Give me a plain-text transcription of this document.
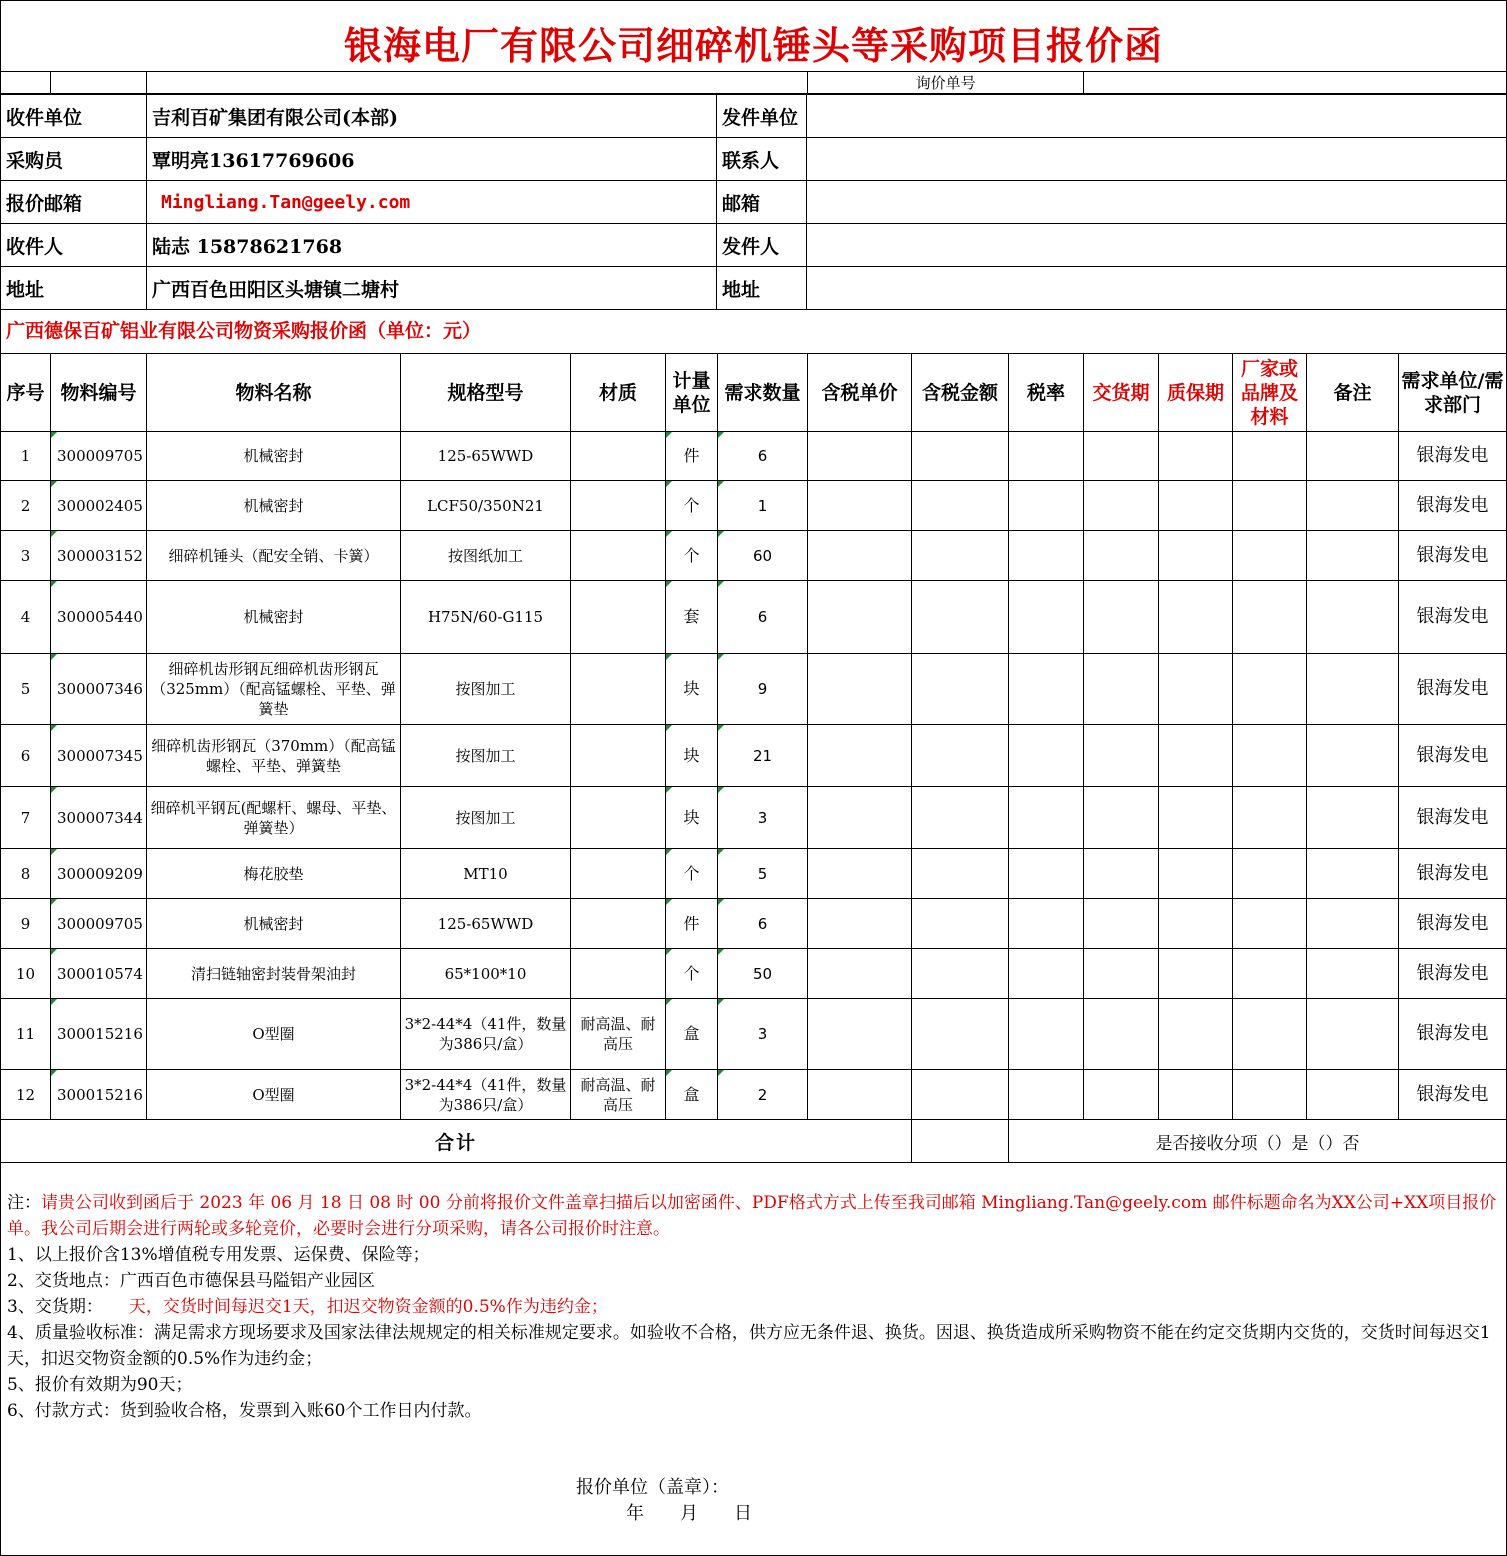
银海电厂有限公司细碎机锤头等采购项目报价函
			询价单号	
收件单位	吉利百矿集团有限公司(本部)	发件单位	
采购员	覃明亮13617769606	联系人	
报价邮箱	Mingliang.Tan@geely.com	邮箱	
收件人	陆志 15878621768	发件人	
地址	广西百色田阳区头塘镇二塘村	地址	
广西德保百矿铝业有限公司物资采购报价函（单位：元）
序号	物料编号	物料名称	规格型号	材质	计量单位	需求数量	含税单价	含税金额	税率	交货期	质保期	厂家或品牌及材料	备注	需求单位/需求部门
1	300009705	机械密封	125-65WWD		件	6								银海发电
2	300002405	机械密封	LCF50/350N21		个	1								银海发电
3	300003152	细碎机锤头（配安全销、卡簧）	按图纸加工		个	60								银海发电
4	300005440	机械密封	H75N/60-G115		套	6								银海发电
5	300007346	细碎机齿形钢瓦细碎机齿形钢瓦（325mm）（配高锰螺栓、平垫、弹簧垫	按图加工		块	9								银海发电
6	300007345	细碎机齿形钢瓦（370mm）（配高锰螺栓、平垫、弹簧垫	按图加工		块	21								银海发电
7	300007344	细碎机平钢瓦(配螺杆、螺母、平垫、弹簧垫）	按图加工		块	3								银海发电
8	300009209	梅花胶垫	MT10		个	5								银海发电
9	300009705	机械密封	125-65WWD		件	6								银海发电
10	300010574	清扫链轴密封装骨架油封	65*100*10		个	50								银海发电
11	300015216	O型圈	3*2-44*4（41件，数量为386只/盒）	耐高温、耐高压	盒	3								银海发电
12	300015216	O型圈	3*2-44*4（41件，数量为386只/盒）	耐高温、耐高压	盒	2								银海发电
合计									是否接收分项（）是（）否					
注：请贵公司收到函后于 2023 年 06 月 18 日 08 时 00 分前将报价文件盖章扫描后以加密函件、PDF格式方式上传至我司邮箱 Mingliang.Tan@geely.com 邮件标题命名为XX公司+XX项目报价单。我公司后期会进行两轮或多轮竞价，必要时会进行分项采购，请各公司报价时注意。
1、以上报价含13%增值税专用发票、运保费、保险等；
2、交货地点：广西百色市德保县马隘铝产业园区
3、交货期： 天，交货时间每迟交1天，扣迟交物资金额的0.5%作为违约金；
4、质量验收标准：满足需求方现场要求及国家法律法规规定的相关标准规定要求。如验收不合格，供方应无条件退、换货。因退、换货造成所采购物资不能在约定交货期内交货的，交货时间每迟交1天，扣迟交物资金额的0.5%作为违约金；
5、报价有效期为90天；
6、付款方式：货到验收合格，发票到入账60个工作日内付款。
报价单位（盖章）：
年　　月　　日
